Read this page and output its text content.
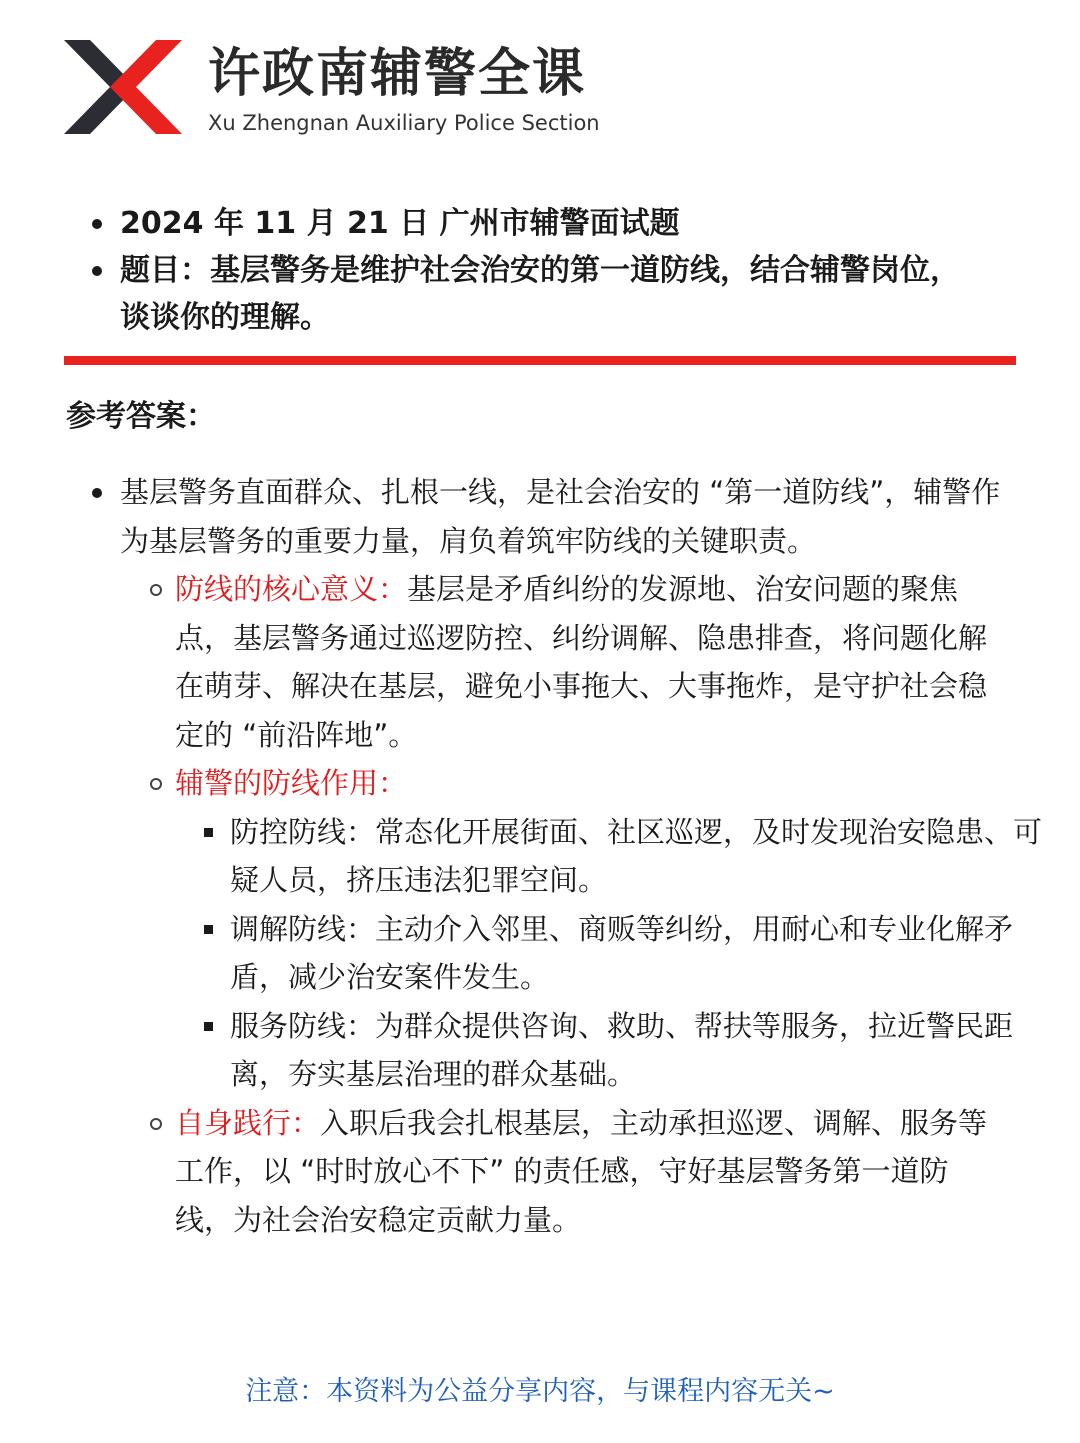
许政南辅警全课
Xu Zhengnan Auxiliary Police Section
2024 年 11 月 21 日 广州市辅警面试题
题目：基层警务是维护社会治安的第一道防线，结合辅警岗位，谈谈你的理解。
参考答案：
基层警务直面群众、扎根一线，是社会治安的 “第一道防线”，辅警作为基层警务的重要力量，肩负着筑牢防线的关键职责。
防线的核心意义：基层是矛盾纠纷的发源地、治安问题的聚焦点，基层警务通过巡逻防控、纠纷调解、隐患排查，将问题化解在萌芽、解决在基层，避免小事拖大、大事拖炸，是守护社会稳定的 “前沿阵地”。
辅警的防线作用：
防控防线：常态化开展街面、社区巡逻，及时发现治安隐患、可疑人员，挤压违法犯罪空间。
调解防线：主动介入邻里、商贩等纠纷，用耐心和专业化解矛盾，减少治安案件发生。
服务防线：为群众提供咨询、救助、帮扶等服务，拉近警民距离，夯实基层治理的群众基础。
自身践行：入职后我会扎根基层，主动承担巡逻、调解、服务等工作，以 “时时放心不下” 的责任感，守好基层警务第一道防线，为社会治安稳定贡献力量。
注意：本资料为公益分享内容，与课程内容无关~
